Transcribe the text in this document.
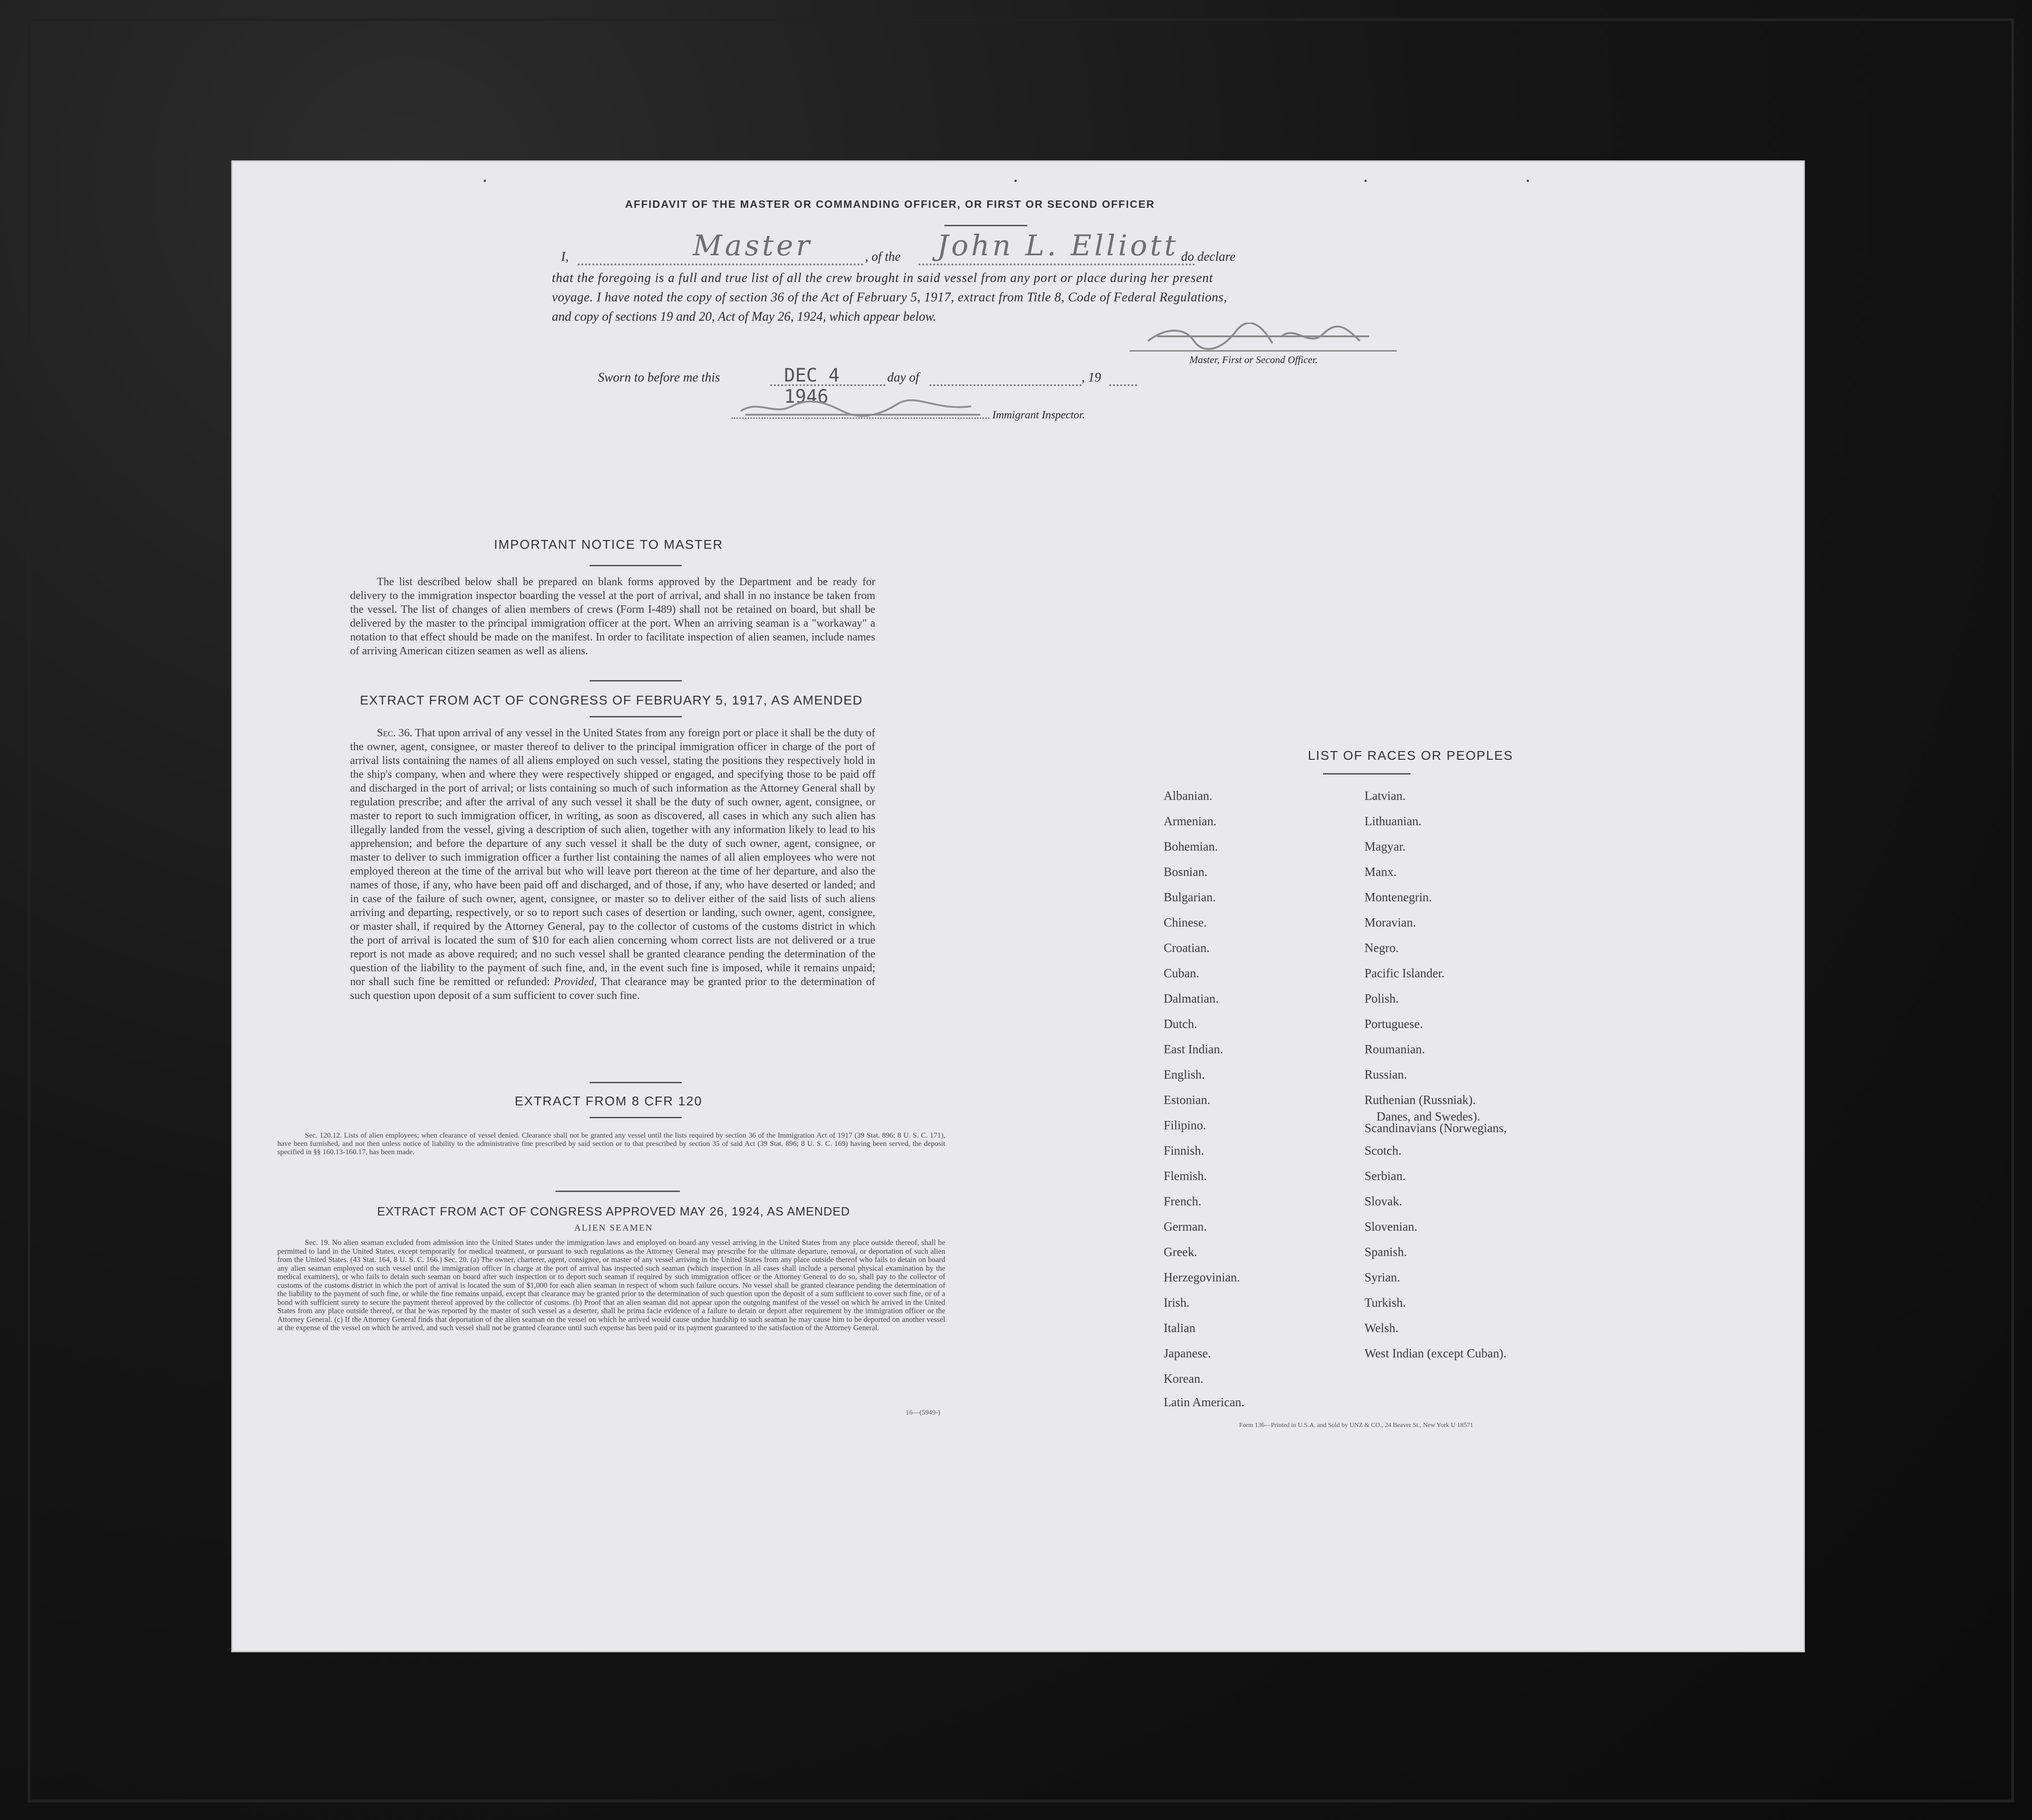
AFFIDAVIT OF THE MASTER OR COMMANDING OFFICER, OR FIRST OR SECOND OFFICER
I,	Master	, of the John L. Elliott do declare
that the foregoing is a full and true list of all the crew brought in said vessel from any port or place during her present
voyage. I have noted the copy of section 36 of the Act of February 5, 1917, extract from Title 8, Code of Federal Regulations,
and copy of sections 19 and 20, Act of May 26, 1924, which appear below.
Master, First or Second Officer.
Sworn to before me this	DEC 4 1946
day of	, 19
Immigrant Inspector.
IMPORTANT NOTICE TO MASTER
The list described below shall be prepared on blank forms approved by the Department and be ready for delivery to the immigration inspector boarding the vessel at the port of arrival, and shall in no instance be taken from the vessel. The list of changes of alien members of crews (Form I-489) shall not be retained on board, but shall be delivered by the master to the principal immigration officer at the port. When an arriving seaman is a "workaway" a notation to that effect should be made on the manifest. In order to facilitate inspection of alien seamen, include names of arriving American citizen seamen as well as aliens.
EXTRACT FROM ACT OF CONGRESS OF FEBRUARY 5, 1917, AS AMENDED
Sec. 36. That upon arrival of any vessel in the United States from any foreign port or place it shall be the duty of the owner, agent, consignee, or master thereof to deliver to the principal immigration officer in charge of the port of arrival lists containing the names of all aliens employed on such vessel, stating the positions they respectively hold in the ship's company, when and where they were respectively shipped or engaged, and specifying those to be paid off and discharged in the port of arrival; or lists containing so much of such information as the Attorney General shall by regulation prescribe; and after the arrival of any such vessel it shall be the duty of such owner, agent, consignee, or master to report to such immigration officer, in writing, as soon as discovered, all cases in which any such alien has illegally landed from the vessel, giving a description of such alien, together with any information likely to lead to his apprehension; and before the departure of any such vessel it shall be the duty of such owner, agent, consignee, or master to deliver to such immigration officer a further list containing the names of all alien employees who were not employed thereon at the time of the arrival but who will leave port thereon at the time of her departure, and also the names of those, if any, who have been paid off and discharged, and of those, if any, who have deserted or landed; and in case of the failure of such owner, agent, consignee, or master so to deliver either of the said lists of such aliens arriving and departing, respectively, or so to report such cases of desertion or landing, such owner, agent, consignee, or master shall, if required by the Attorney General, pay to the collector of customs of the customs district in which the port of arrival is located the sum of $10 for each alien concerning whom correct lists are not delivered or a true report is not made as above required; and no such vessel shall be granted clearance pending the determination of the question of the liability to the payment of such fine, and, in the event such fine is imposed, while it remains unpaid; nor shall such fine be remitted or refunded: Provided, That clearance may be granted prior to the determination of such question upon deposit of a sum sufficient to cover such fine.
EXTRACT FROM 8 CFR 120
Sec. 120.12. Lists of alien employees; when clearance of vessel denied. Clearance shall not be granted any vessel until the lists required by section 36 of the Immigration Act of 1917 (39 Stat. 896; 8 U. S. C. 171), have been furnished, and not then unless notice of liability to the administrative fine prescribed by said section or to that prescribed by section 35 of said Act (39 Stat. 896; 8 U. S. C. 169) having been served, the deposit specified in §§ 160.13-160.17, has been made.
EXTRACT FROM ACT OF CONGRESS APPROVED MAY 26, 1924, AS AMENDED
ALIEN SEAMEN
Sec. 19. No alien seaman excluded from admission into the United States under the immigration laws and employed on board any vessel arriving in the United States from any place outside thereof, shall be permitted to land in the United States, except temporarily for medical treatment, or pursuant to such regulations as the Attorney General may prescribe for the ultimate departure, removal, or deportation of such alien from the United States. (43 Stat. 164, 8 U. S. C. 166.) Sec. 20. (a) The owner, charterer, agent, consignee, or master of any vessel arriving in the United States from any place outside thereof who fails to detain on board any alien seaman employed on such vessel until the immigration officer in charge at the port of arrival has inspected such seaman (which inspection in all cases shall include a personal physical examination by the medical examiners), or who fails to detain such seaman on board after such inspection or to deport such seaman if required by such immigration officer or the Attorney General to do so, shall pay to the collector of customs of the customs district in which the port of arrival is located the sum of $1,000 for each alien seaman in respect of whom such failure occurs. No vessel shall be granted clearance pending the determination of the liability to the payment of such fine, or while the fine remains unpaid, except that clearance may be granted prior to the determination of such question upon the deposit of a sum sufficient to cover such fine, or of a bond with sufficient surety to secure the payment thereof approved by the collector of customs. (b) Proof that an alien seaman did not appear upon the outgoing manifest of the vessel on which he arrived in the United States from any place outside thereof, or that he was reported by the master of such vessel as a deserter, shall be prima facie evidence of a failure to detain or deport after requirement by the immigration officer or the Attorney General. (c) If the Attorney General finds that deportation of the alien seaman on the vessel on which he arrived would cause undue hardship to such seaman he may cause him to be deported on another vessel at the expense of the vessel on which he arrived, and such vessel shall not be granted clearance until such expense has been paid or its payment guaranteed to the satisfaction of the Attorney General.
16—(5949-)
LIST OF RACES OR PEOPLES
Form 136—Printed in U.S.A. and Sold by UNZ & CO., 24 Beaver St., New York U 18571
Albanian.
Armenian.
Bohemian.
Bosnian.
Bulgarian.
Chinese.
Croatian.
Cuban.
Dalmatian.
Dutch.
East Indian.
English.
Estonian.
Filipino.
Finnish.
Flemish.
French.
German.
Greek.
Herzegovinian.
Irish.
Italian
Japanese.
Korean.
Latin American.
Latvian.
Lithuanian.
Magyar.
Manx.
Montenegrin.
Moravian.
Negro.
Pacific Islander.
Polish.
Portuguese.
Roumanian.
Russian.
Ruthenian (Russniak).
Scandinavians (Norwegians,
Danes, and Swedes).
Scotch.
Serbian.
Slovak.
Slovenian.
Spanish.
Syrian.
Turkish.
Welsh.
West Indian (except Cuban).
